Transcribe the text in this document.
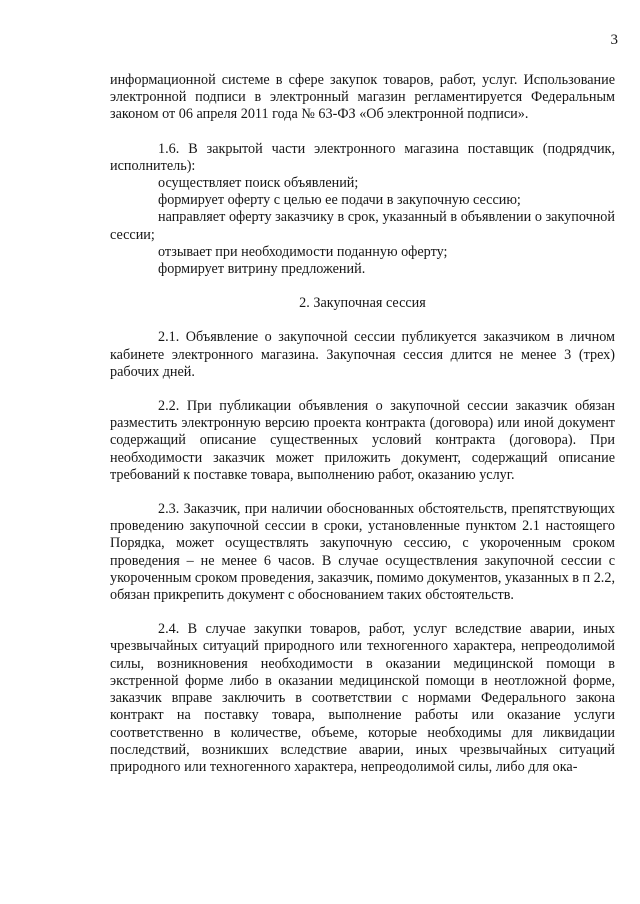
3

информационной системе в сфере закупок товаров, работ, услуг. Использование электронной подписи в электронный магазин регламентируется Федеральным законом от 06 апреля 2011 года № 63-ФЗ «Об электронной подписи».

1.6. В закрытой части электронного магазина поставщик (подрядчик, исполнитель):

осуществляет поиск объявлений;

формирует оферту с целью ее подачи в закупочную сессию;

направляет оферту заказчику в срок, указанный в объявлении о закупочной сессии;

отзывает при необходимости поданную оферту;

формирует витрину предложений.

2. Закупочная сессия

2.1. Объявление о закупочной сессии публикуется заказчиком в личном кабинете электронного магазина. Закупочная сессия длится не менее 3 (трех) рабочих дней.

2.2. При публикации объявления о закупочной сессии заказчик обязан разместить электронную версию проекта контракта (договора) или иной документ содержащий описание существенных условий контракта (договора). При необходимости заказчик может приложить документ, содержащий описание требований к поставке товара, выполнению работ, оказанию услуг.

2.3. Заказчик, при наличии обоснованных обстоятельств, препятствующих проведению закупочной сессии в сроки, установленные пунктом 2.1 настоящего Порядка, может осуществлять закупочную сессию, с укороченным сроком проведения – не менее 6 часов. В случае осуществления закупочной сессии с укороченным сроком проведения, заказчик, помимо документов, указанных в п 2.2, обязан прикрепить документ с обоснованием таких обстоятельств.

2.4. В случае закупки товаров, работ, услуг вследствие аварии, иных чрезвычайных ситуаций природного или техногенного характера, непреодолимой силы, возникновения необходимости в оказании медицинской помощи в экстренной форме либо в оказании медицинской помощи в неотложной форме, заказчик вправе заключить в соответствии с нормами Федерального закона контракт на поставку товара, выполнение работы или оказание услуги соответственно в количестве, объеме, которые необходимы для ликвидации последствий, возникших вследствие аварии, иных чрезвычайных ситуаций природного или техногенного характера, непреодолимой силы, либо для ока-
